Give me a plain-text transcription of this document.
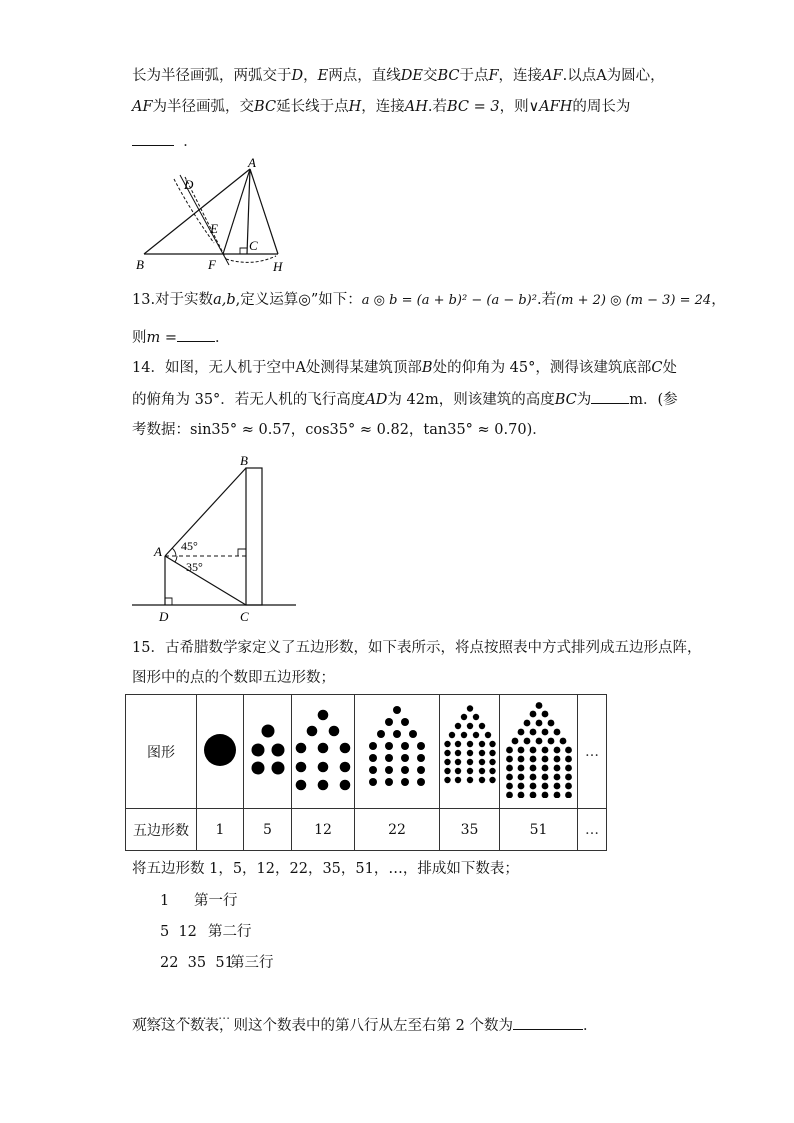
长为半径画弧，两弧交于D，E两点，直线DE交BC于点F，连接AF.以点A为圆心，
AF为半径画弧，交BC延长线于点H，连接AH.若BC = 3，则∨AFH的周长为
．
A
D
E
C
B	F	H
13.对于实数a,b,定义运算◎”如下：a ◎ b = (a + b)² − (a − b)².若(m + 2) ◎ (m − 3) = 24，
则m =	．
14．如图，无人机于空中A处测得某建筑顶部B处的仰角为 45°，测得该建筑底部C处
的俯角为 35°．若无人机的飞行高度AD为 42m，则该建筑的高度BC为	m．(参
考数据：sin35° ≈ 0.57，cos35° ≈ 0.82，tan35° ≈ 0.70)．
45°
35°
A
B
C
D
15．古希腊数学家定义了五边形数，如下表所示，将点按照表中方式排列成五边形点阵，
图形中的点的个数即五边形数；
图形							…
五边形数	1	5	12	22	35	51	…
将五边形数 1，5，12，22，35，51，…，排成如下数表；
1 第一行
5  12 第二行
22  35  51第三行

…  …  …  …  …

观察这个数表，则这个数表中的第八行从左至右第 2 个数为	．
